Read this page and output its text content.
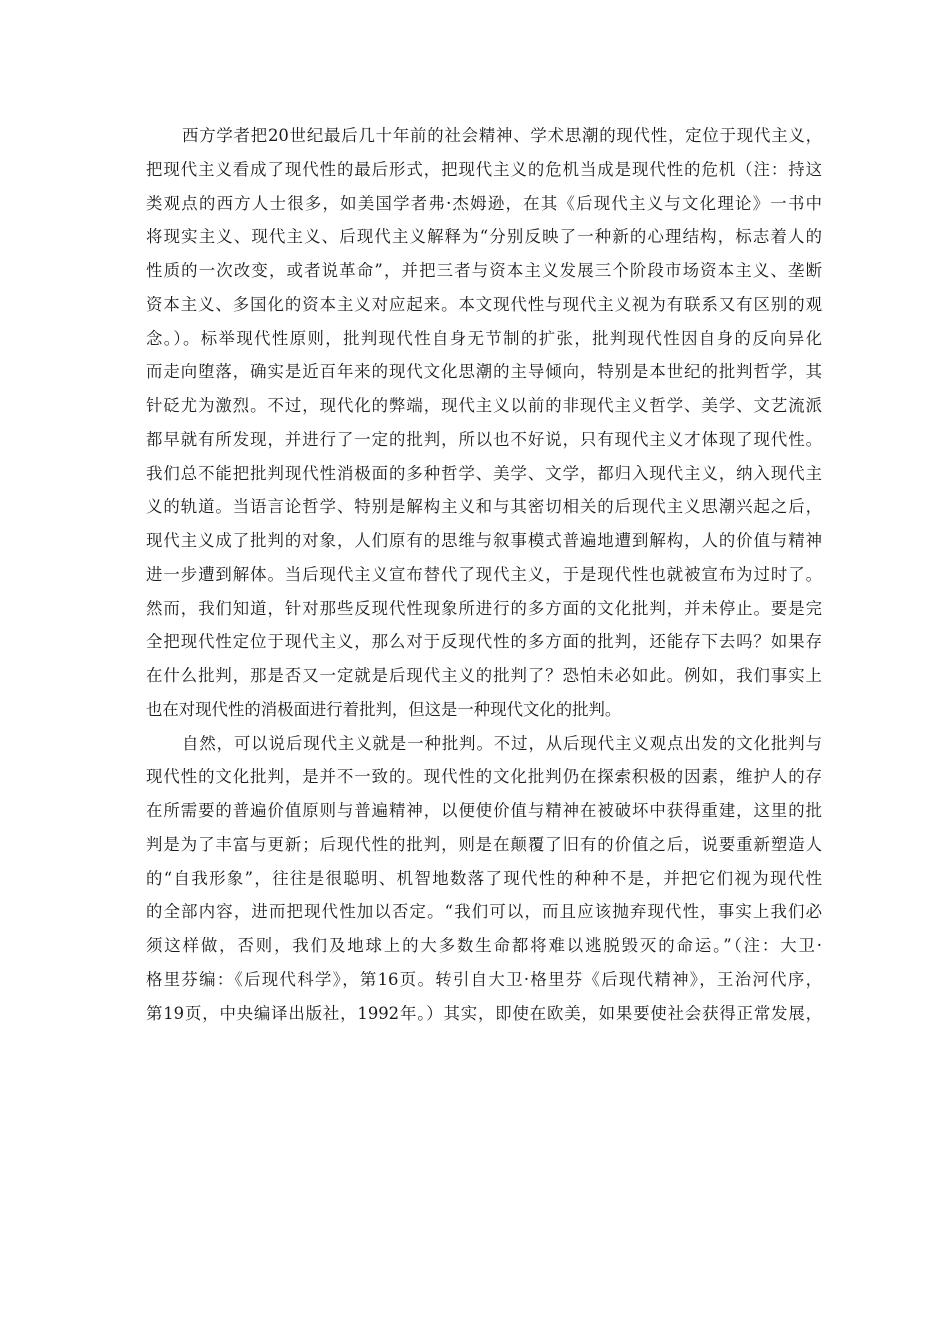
西方学者把20世纪最后几十年前的社会精神、学术思潮的现代性，定位于现代主义，
把现代主义看成了现代性的最后形式，把现代主义的危机当成是现代性的危机（注：持这
类观点的西方人士很多，如美国学者弗·杰姆逊，在其《后现代主义与文化理论》一书中
将现实主义、现代主义、后现代主义解释为“分别反映了一种新的心理结构，标志着人的
性质的一次改变，或者说革命”，并把三者与资本主义发展三个阶段市场资本主义、垄断
资本主义、多国化的资本主义对应起来。本文现代性与现代主义视为有联系又有区别的观
念。）。标举现代性原则，批判现代性自身无节制的扩张，批判现代性因自身的反向异化
而走向堕落，确实是近百年来的现代文化思潮的主导倾向，特别是本世纪的批判哲学，其
针砭尤为激烈。不过，现代化的弊端，现代主义以前的非现代主义哲学、美学、文艺流派
都早就有所发现，并进行了一定的批判，所以也不好说，只有现代主义才体现了现代性。
我们总不能把批判现代性消极面的多种哲学、美学、文学，都归入现代主义，纳入现代主
义的轨道。当语言论哲学、特别是解构主义和与其密切相关的后现代主义思潮兴起之后，
现代主义成了批判的对象，人们原有的思维与叙事模式普遍地遭到解构，人的价值与精神
进一步遭到解体。当后现代主义宣布替代了现代主义，于是现代性也就被宣布为过时了。
然而，我们知道，针对那些反现代性现象所进行的多方面的文化批判，并未停止。要是完
全把现代性定位于现代主义，那么对于反现代性的多方面的批判，还能存下去吗？如果存
在什么批判，那是否又一定就是后现代主义的批判了？恐怕未必如此。例如，我们事实上
也在对现代性的消极面进行着批判，但这是一种现代文化的批判。
自然，可以说后现代主义就是一种批判。不过，从后现代主义观点出发的文化批判与
现代性的文化批判，是并不一致的。现代性的文化批判仍在探索积极的因素，维护人的存
在所需要的普遍价值原则与普遍精神，以便使价值与精神在被破坏中获得重建，这里的批
判是为了丰富与更新；后现代性的批判，则是在颠覆了旧有的价值之后，说要重新塑造人
的“自我形象”，往往是很聪明、机智地数落了现代性的种种不是，并把它们视为现代性
的全部内容，进而把现代性加以否定。“我们可以，而且应该抛弃现代性，事实上我们必
须这样做，否则，我们及地球上的大多数生命都将难以逃脱毁灭的命运。”（注：大卫·
格里芬编：《后现代科学》，第16页。转引自大卫·格里芬《后现代精神》，王治河代序，
第19页，中央编译出版社，1992年。）其实，即使在欧美，如果要使社会获得正常发展，
